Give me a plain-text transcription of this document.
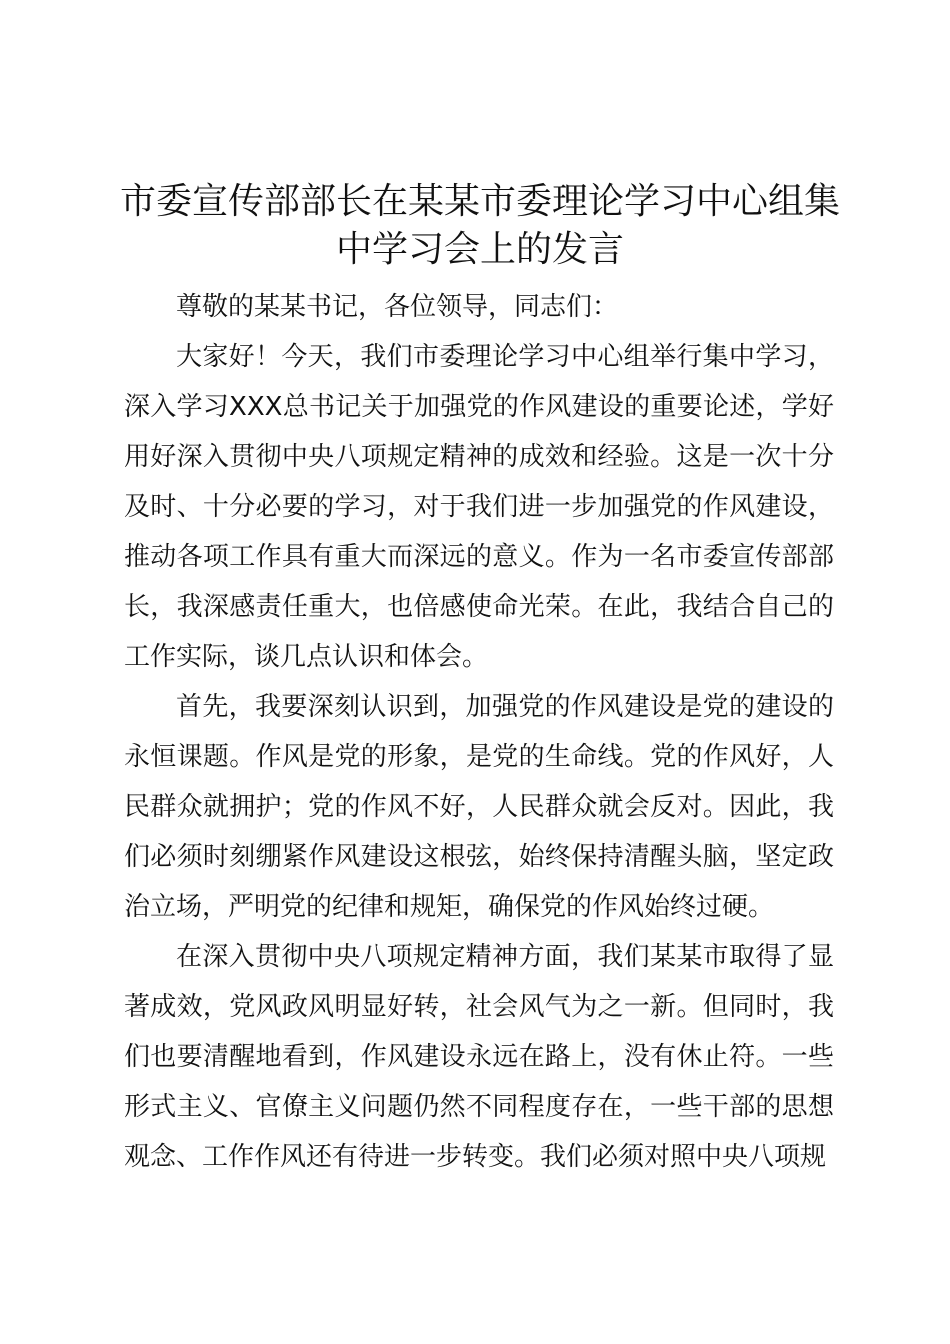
市委宣传部部长在某某市委理论学习中心组集
中学习会上的发言

尊敬的某某书记，各位领导，同志们：

大家好！今天，我们市委理论学习中心组举行集中学习，深入学习XXX总书记关于加强党的作风建设的重要论述，学好用好深入贯彻中央八项规定精神的成效和经验。这是一次十分及时、十分必要的学习，对于我们进一步加强党的作风建设，推动各项工作具有重大而深远的意义。作为一名市委宣传部部长，我深感责任重大，也倍感使命光荣。在此，我结合自己的工作实际，谈几点认识和体会。

首先，我要深刻认识到，加强党的作风建设是党的建设的永恒课题。作风是党的形象，是党的生命线。党的作风好，人民群众就拥护；党的作风不好，人民群众就会反对。因此，我们必须时刻绷紧作风建设这根弦，始终保持清醒头脑，坚定政治立场，严明党的纪律和规矩，确保党的作风始终过硬。

在深入贯彻中央八项规定精神方面，我们某某市取得了显著成效，党风政风明显好转，社会风气为之一新。但同时，我们也要清醒地看到，作风建设永远在路上，没有休止符。一些形式主义、官僚主义问题仍然不同程度存在，一些干部的思想观念、工作作风还有待进一步转变。我们必须对照中央八项规
